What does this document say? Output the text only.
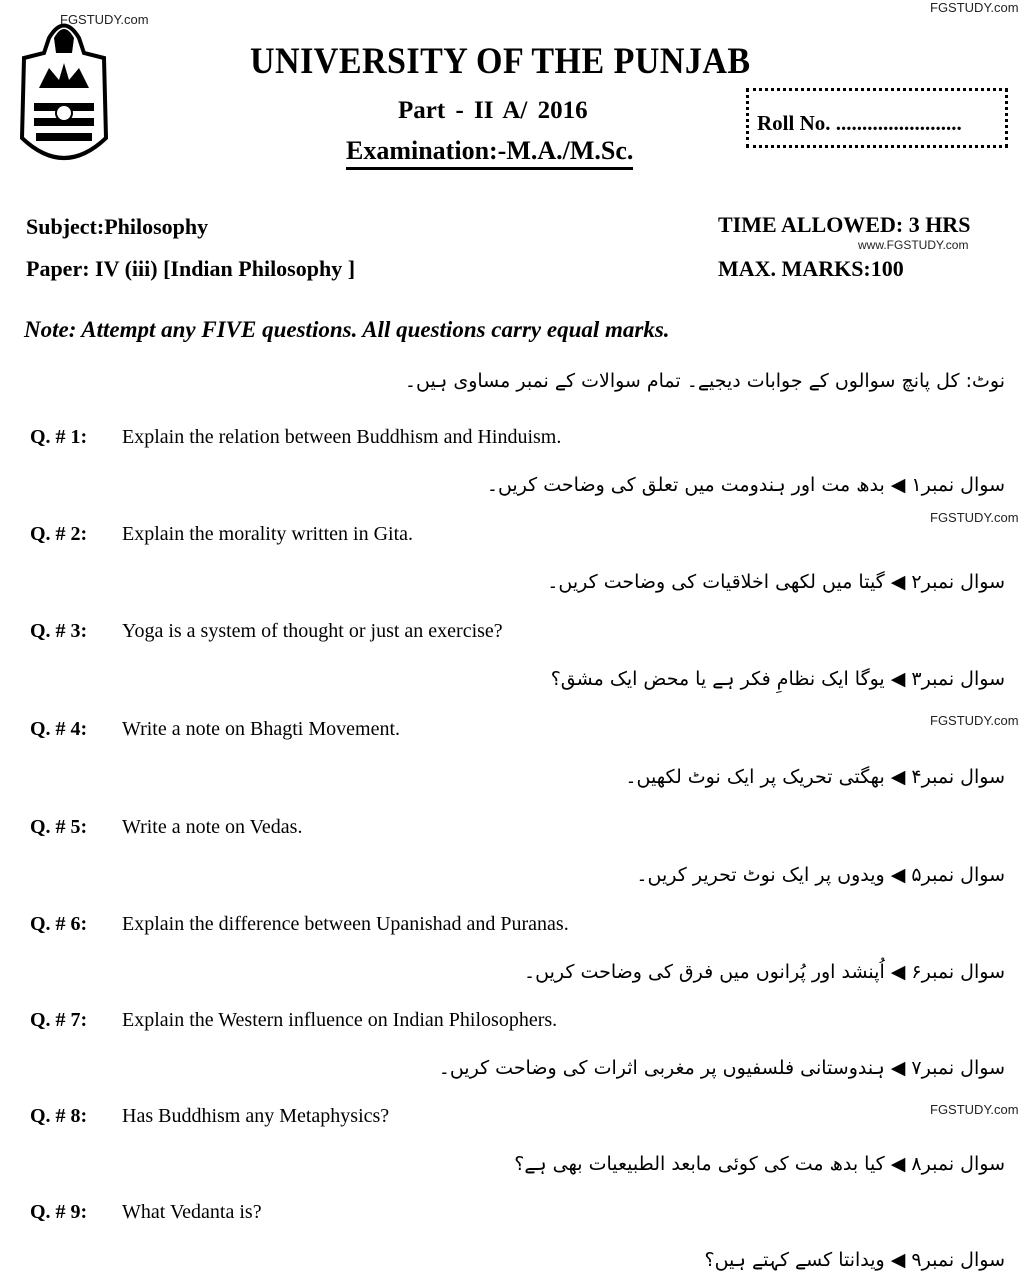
FGSTUDY.com
FGSTUDY.com
www.FGSTUDY.com
FGSTUDY.com
FGSTUDY.com
FGSTUDY.com
UNIVERSITY OF THE PUNJAB
Part - II A/ 2016
Examination:-M.A./M.Sc.
Roll No. ........................
Subject:Philosophy
Paper: IV (iii) [Indian Philosophy ]
TIME ALLOWED: 3 HRS
MAX. MARKS:100
Note: Attempt any FIVE questions. All questions carry equal marks.
نوٹ: کل پانچ سوالوں کے جوابات دیجیے۔ تمام سوالات کے نمبر مساوی ہیں۔
Q. # 1: Explain the relation between Buddhism and Hinduism.
سوال نمبر۱ ◀ بدھ مت اور ہندومت میں تعلق کی وضاحت کریں۔
Q. # 2: Explain the morality written in Gita.
سوال نمبر۲ ◀ گیتا میں لکھی اخلاقیات کی وضاحت کریں۔
Q. # 3: Yoga is a system of thought or just an exercise?
سوال نمبر۳ ◀ یوگا ایک نظامِ فکر ہے یا محض ایک مشق؟
Q. # 4: Write a note on Bhagti Movement.
سوال نمبر۴ ◀ بھگتی تحریک پر ایک نوٹ لکھیں۔
Q. # 5: Write a note on Vedas.
سوال نمبر۵ ◀ ویدوں پر ایک نوٹ تحریر کریں۔
Q. # 6: Explain the difference between Upanishad and Puranas.
سوال نمبر۶ ◀ اُپنشد اور پُرانوں میں فرق کی وضاحت کریں۔
Q. # 7: Explain the Western influence on Indian Philosophers.
سوال نمبر۷ ◀ ہندوستانی فلسفیوں پر مغربی اثرات کی وضاحت کریں۔
Q. # 8: Has Buddhism any Metaphysics?
سوال نمبر۸ ◀ کیا بدھ مت کی کوئی مابعد الطبیعیات بھی ہے؟
Q. # 9: What Vedanta is?
سوال نمبر۹ ◀ ویدانتا کسے کہتے ہیں؟
